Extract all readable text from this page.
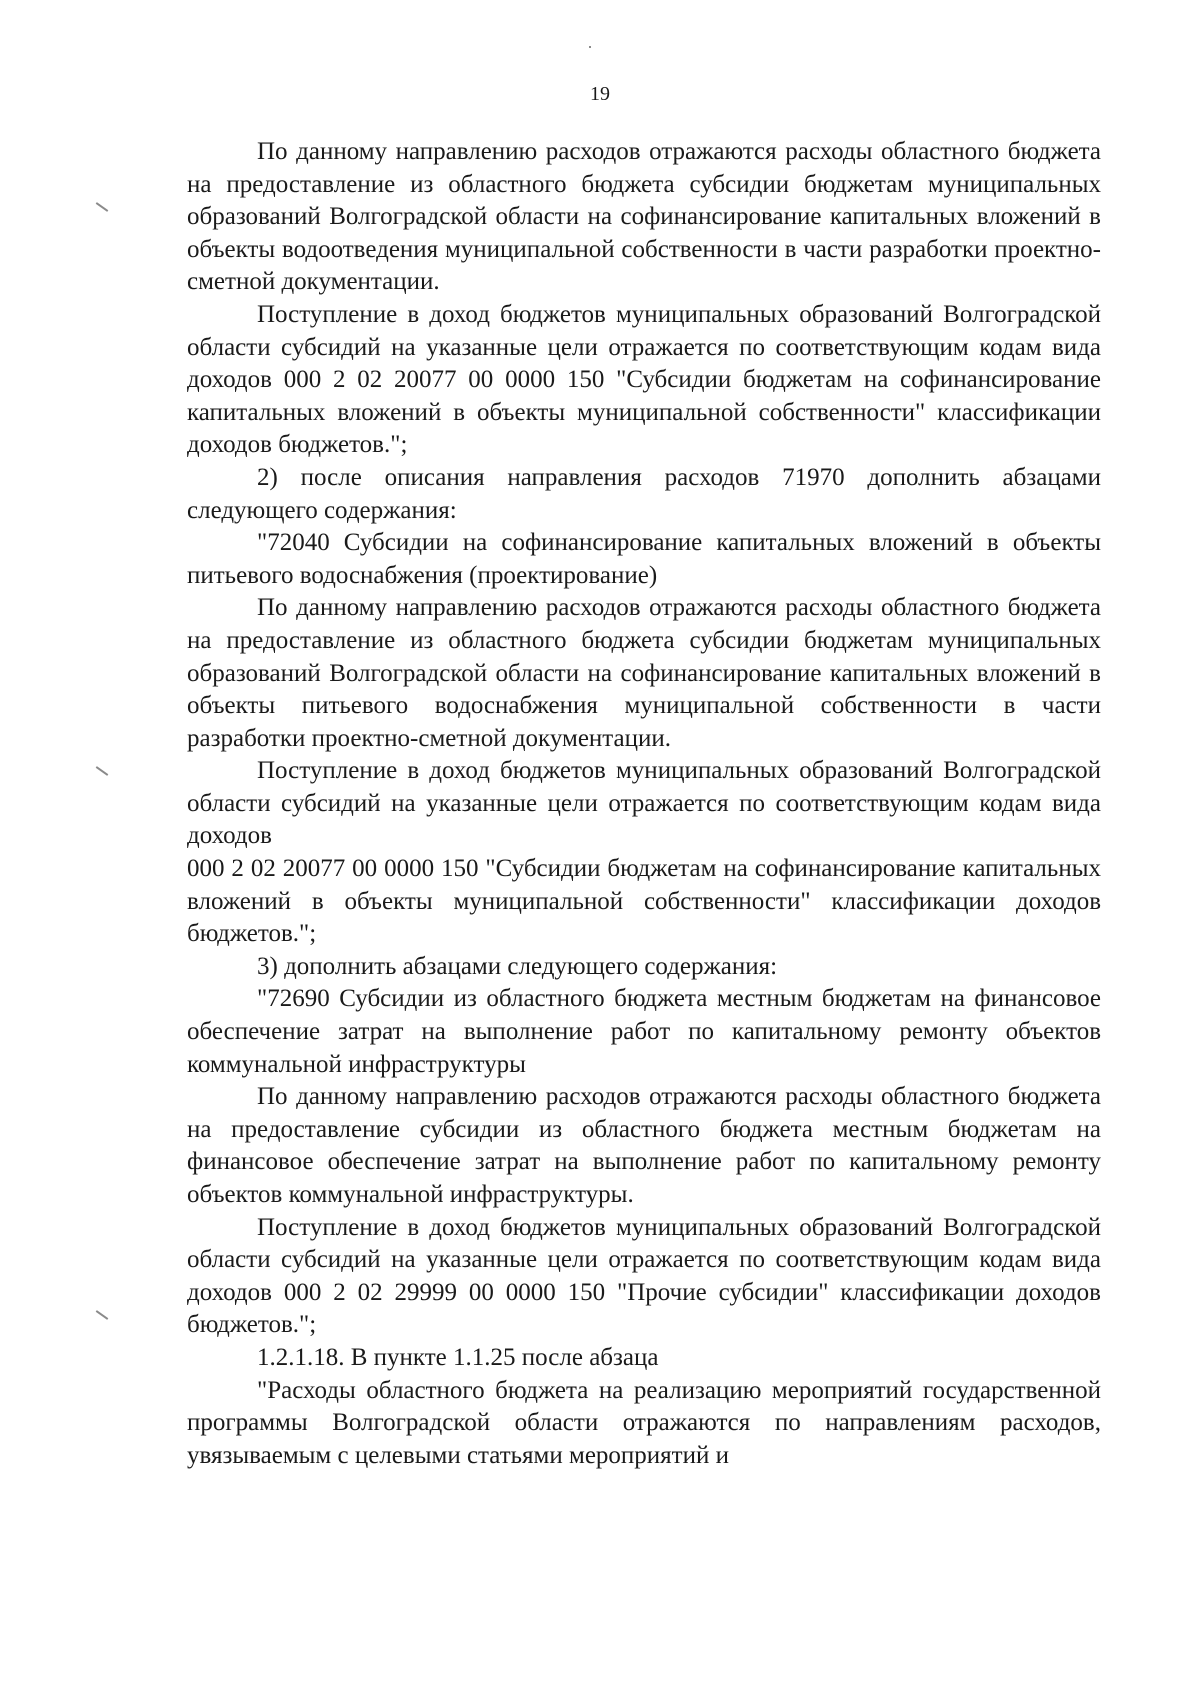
19

По данному направлению расходов отражаются расходы областного бюджета на предоставление из областного бюджета субсидии бюджетам муниципальных образований Волгоградской области на софинансирование капитальных вложений в объекты водоотведения муниципальной собственности в части разработки проектно-сметной документации.

Поступление в доход бюджетов муниципальных образований Волгоградской области субсидий на указанные цели отражается по соответствующим кодам вида доходов 000 2 02 20077 00 0000 150 "Субсидии бюджетам на софинансирование капитальных вложений в объекты муниципальной собственности" классификации доходов бюджетов.";

2) после описания направления расходов 71970 дополнить абзацами следующего содержания:

"72040 Субсидии на софинансирование капитальных вложений в объекты питьевого водоснабжения (проектирование)

По данному направлению расходов отражаются расходы областного бюджета на предоставление из областного бюджета субсидии бюджетам муниципальных образований Волгоградской области на софинансирование капитальных вложений в объекты питьевого водоснабжения муниципальной собственности в части разработки проектно-сметной документации.

Поступление в доход бюджетов муниципальных образований Волгоградской области субсидий на указанные цели отражается по соответствующим кодам вида доходов

000 2 02 20077 00 0000 150 "Субсидии бюджетам на софинансирование капитальных вложений в объекты муниципальной собственности" классификации доходов бюджетов.";

3) дополнить абзацами следующего содержания:

"72690 Субсидии из областного бюджета местным бюджетам на финансовое обеспечение затрат на выполнение работ по капитальному ремонту объектов коммунальной инфраструктуры

По данному направлению расходов отражаются расходы областного бюджета на предоставление субсидии из областного бюджета местным бюджетам на финансовое обеспечение затрат на выполнение работ по капитальному ремонту объектов коммунальной инфраструктуры.

Поступление в доход бюджетов муниципальных образований Волгоградской области субсидий на указанные цели отражается по соответствующим кодам вида доходов 000 2 02 29999 00 0000 150 "Прочие субсидии" классификации доходов бюджетов.";

1.2.1.18. В пункте 1.1.25 после абзаца

"Расходы областного бюджета на реализацию мероприятий государственной программы Волгоградской области отражаются по направлениям расходов, увязываемым с целевыми статьями мероприятий и
